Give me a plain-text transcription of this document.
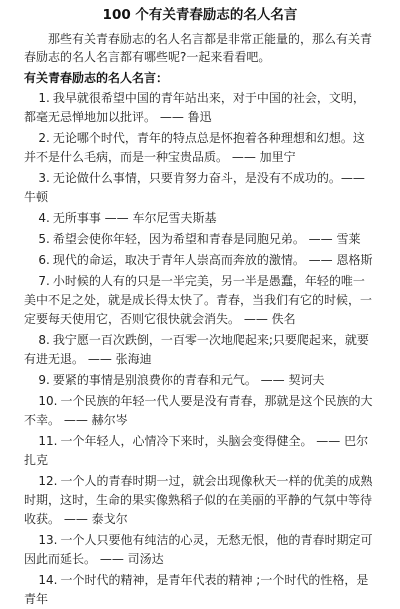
100 个有关青春励志的名人名言

那些有关青春励志的名人名言都是非常正能量的，那么有关青春励志的名人名言都有哪些呢?一起来看看吧。

有关青春励志的名人名言：

1. 我早就很希望中国的青年站出来，对于中国的社会，文明，都毫无忌惮地加以批评。 —— 鲁迅

2. 无论哪个时代，青年的特点总是怀抱着各种理想和幻想。这并不是什么毛病，而是一种宝贵品质。 —— 加里宁

3. 无论做什么事情，只要肯努力奋斗，是没有不成功的。—— 牛顿

4. 无所事事 —— 车尔尼雪夫斯基

5. 希望会使你年轻，因为希望和青春是同胞兄弟。 —— 雪莱

6. 现代的命运，取决于青年人崇高而奔放的激情。 —— 恩格斯

7. 小时候的人有的只是一半完美，另一半是愚蠢，年轻的唯一美中不足之处，就是成长得太快了。青春，当我们有它的时候，一定要每天使用它，否则它很快就会消失。 —— 佚名

8. 我宁愿一百次跌倒，一百零一次地爬起来;只要爬起来，就要有进无退。 —— 张海迪

9. 要紧的事情是别浪费你的青春和元气。 —— 契诃夫

10. 一个民族的年轻一代人要是没有青春，那就是这个民族的大不幸。 —— 赫尔岑

11. 一个年轻人，心情冷下来时，头脑会变得健全。 —— 巴尔扎克

12. 一个人的青春时期一过，就会出现像秋天一样的优美的成熟时期，这时，生命的果实像熟稻子似的在美丽的平静的气氛中等待收获。 —— 泰戈尔

13. 一个人只要他有纯洁的心灵，无愁无恨，他的青春时期定可因此而延长。 —— 司汤达

14. 一个时代的精神，是青年代表的精神 ;一个时代的性格，是青年
